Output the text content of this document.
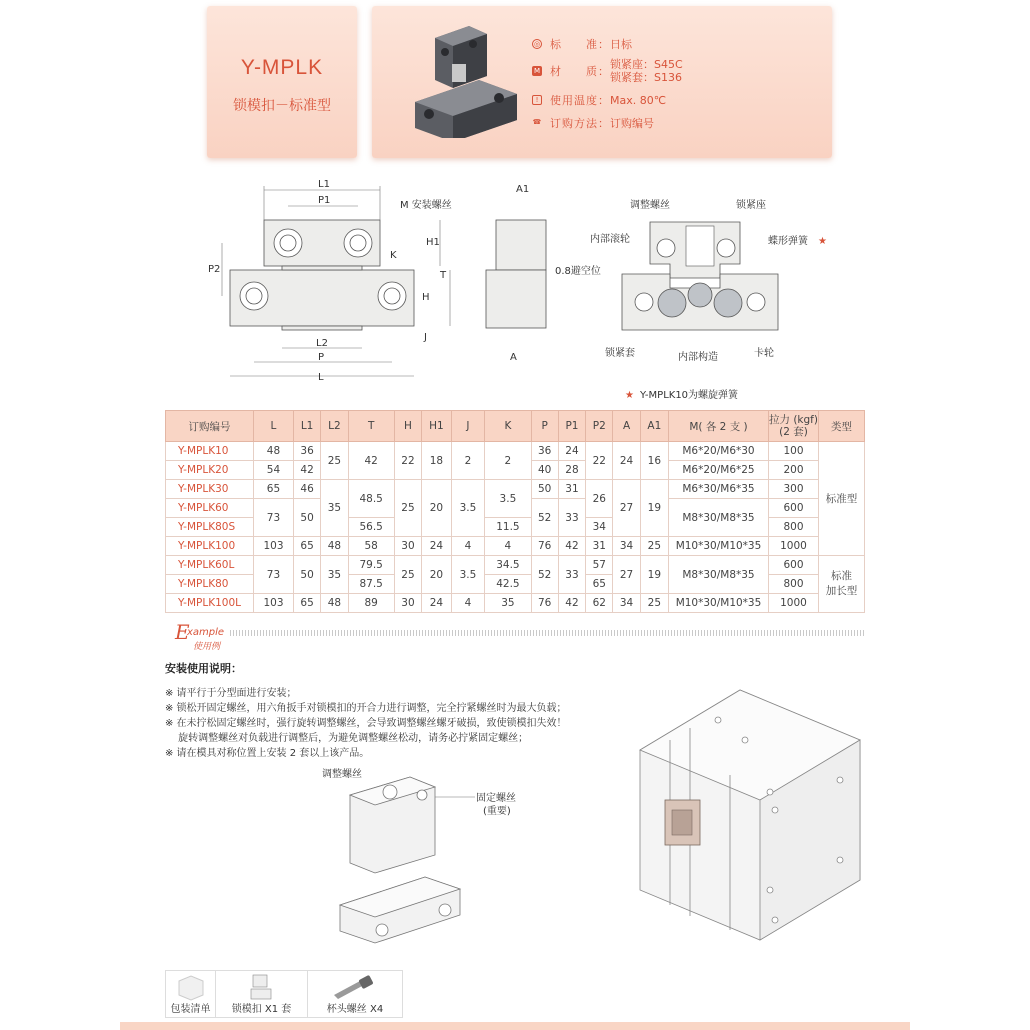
Y-MPLK
锁模扣－标准型
◎ 标　　准： 日标
M 材　　质：
锁紧座：S45C
锁紧套：S136
!	使用温度： Max. 80℃
☎ 订购方法： 订购编号
L1
P1	M 安装螺丝
H1
K
T
H
P2
L2
P
L
J
A1
A
0.8避空位
调整螺丝	锁紧座
内部滚轮	蝶形弹簧 ★
锁紧套	内部构造	卡轮
★ Y-MPLK10为螺旋弹簧
订购编号	L	L1	L2	T	H	H1	J	K	P	P1	P2	A	A1	M( 各 2 支 )	拉力 (kgf)
(2 套)	类型
Y-MPLK10	48	36	25	42	22	18	2	2	36	24	22	24	16	M6*20/M6*30	100	标准型
Y-MPLK20	54	42							40	28				M6*20/M6*25	200	
Y-MPLK30	65	46	35	48.5	25	20	3.5	3.5	50	31	26	27	19	M6*30/M6*35	300	
Y-MPLK60	73	50							52	33				M8*30/M8*35	600	
Y-MPLK80S				56.5				11.5			34				800	
Y-MPLK100	103	65	48	58	30	24	4	4	76	42	31	34	25	M10*30/M10*35	1000	
Y-MPLK60L	73	50	35	79.5	25	20	3.5	34.5	52	33	57	27	19	M8*30/M8*35	600	标准
加长型
Y-MPLK80				87.5				42.5			65				800	
Y-MPLK100L	103	65	48	89	30	24	4	35	76	42	62	34	25	M10*30/M10*35	1000	
E
xample
使用例
安装使用说明：
※ 请平行于分型面进行安装；
※ 锁松开固定螺丝，用六角扳手对锁模扣的开合力进行调整，完全拧紧螺丝时为最大负载；
※ 在未拧松固定螺丝时，强行旋转调整螺丝，会导致调整螺丝螺牙破损，致使锁模扣失效！
　 旋转调整螺丝对负载进行调整后，为避免调整螺丝松动，请务必拧紧固定螺丝；
※ 请在模具对称位置上安装 2 套以上该产品。
调整螺丝
固定螺丝
(重要)
包装清单	锁模扣 X1 套	杯头螺丝 X4
